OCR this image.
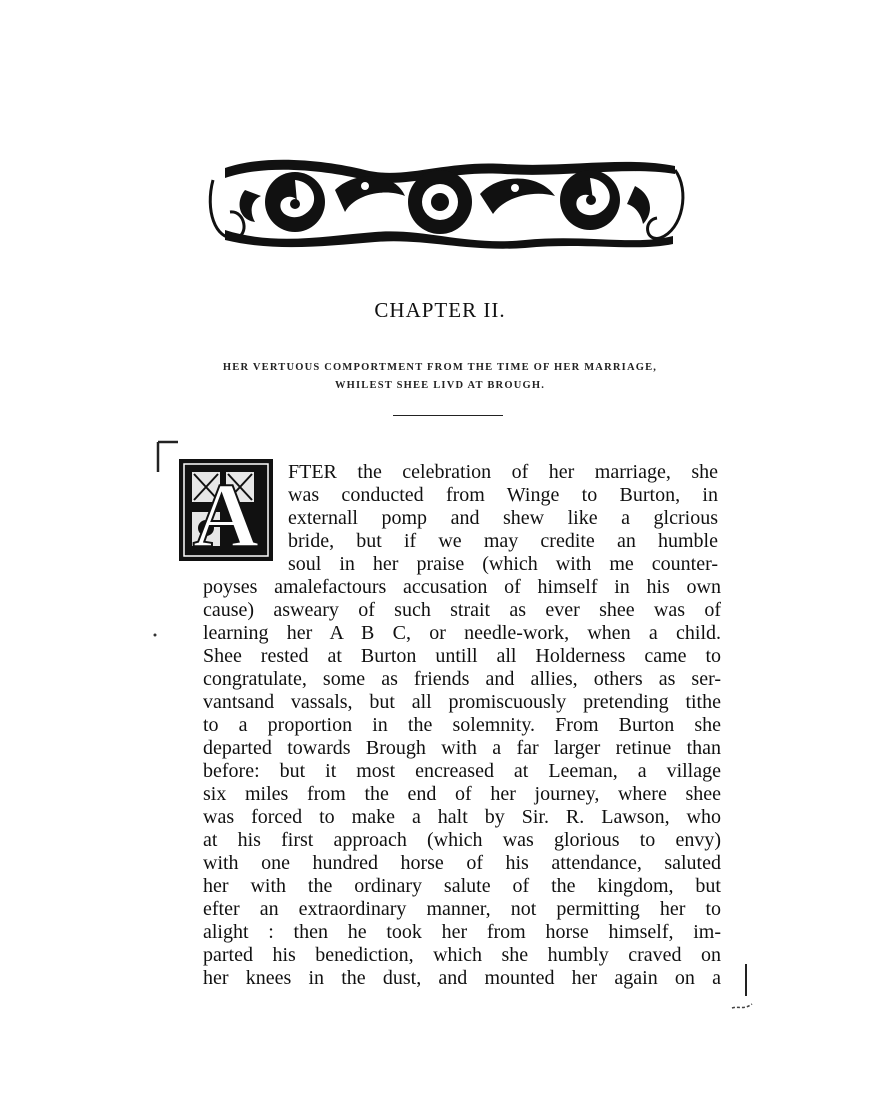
CHAPTER II.
HER VERTUOUS COMPORTMENT FROM THE TIME OF HER MARRIAGE,
WHILEST SHEE LIVD AT BROUGH.
A FTER the celebration of her marriage, she
was conducted from Winge to Burton, in
externall pomp and shew like a glcrious
bride, but if we may credite an humble
soul in her praise (which with me counter-
poyses amalefactours accusation of himself in his own
cause) asweary of such strait as ever shee was of
learning her A B C, or needle-work, when a child.
Shee rested at Burton untill all Holderness came to
congratulate, some as friends and allies, others as ser-
vantsand vassals, but all promiscuously pretending tithe
to a proportion in the solemnity. From Burton she
departed towards Brough with a far larger retinue than
before: but it most encreased at Leeman, a village
six miles from the end of her journey, where shee
was forced to make a halt by Sir. R. Lawson, who
at his first approach (which was glorious to envy)
with one hundred horse of his attendance, saluted
her with the ordinary salute of the kingdom, but
efter an extraordinary manner, not permitting her to
alight : then he took her from horse himself, im-
parted his benediction, which she humbly craved on
her knees in the dust, and mounted her again on a
